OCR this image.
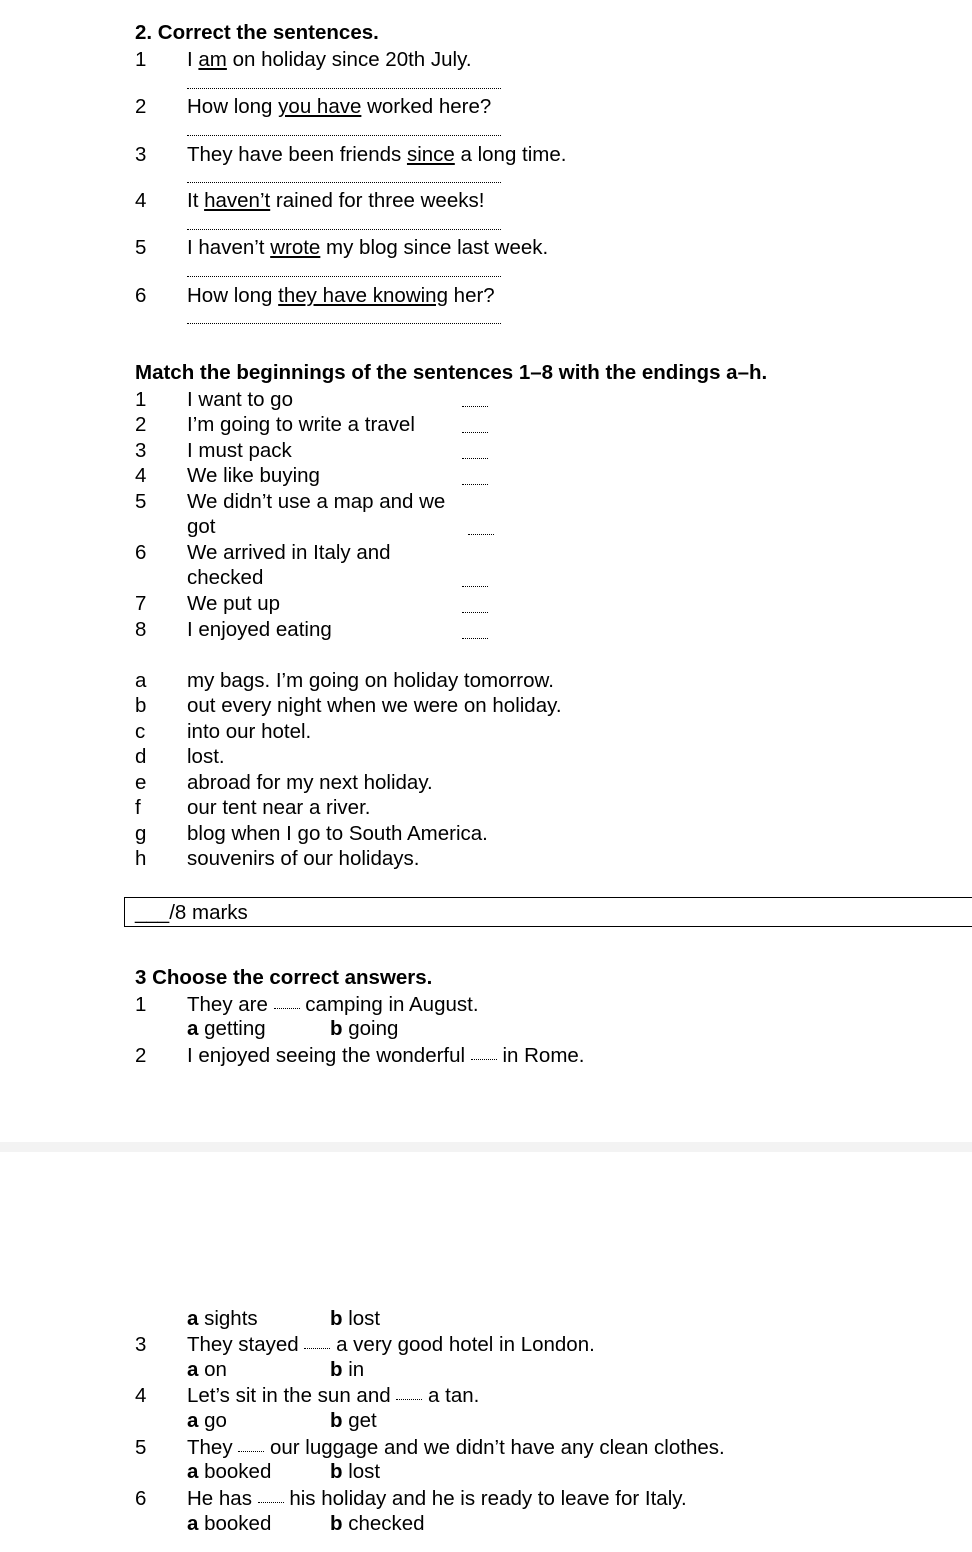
2. Correct the sentences.
1 I am on holiday since 20th July.
2 How long you have worked here?
3 They have been friends since a long time.
4 It haven’t rained for three weeks!
5 I haven’t wrote my blog since last week.
6 How long they have knowing her?
Match the beginnings of the sentences 1–8 with the endings a–h.
1 I want to go
2 I’m going to write a travel
3 I must pack
4 We like buying
5 We didn’t use a map and we
got
6 We arrived in Italy and
checked
7 We put up
8 I enjoyed eating
a my bags. I’m going on holiday tomorrow.
b out every night when we were on holiday.
c into our hotel.
d lost.
e abroad for my next holiday.
f our tent near a river.
g blog when I go to South America.
h souvenirs of our holidays.
___/8 marks
3 Choose the correct answers.
1 They are  camping in August.
a getting	b going
2 I enjoyed seeing the wonderful  in Rome.
a sights	b lost
3 They stayed  a very good hotel in London.
a on	b in
4 Let’s sit in the sun and  a tan.
a go	b get
5 They  our luggage and we didn’t have any clean clothes.
a booked	b lost
6 He has  his holiday and he is ready to leave for Italy.
a booked	b checked
